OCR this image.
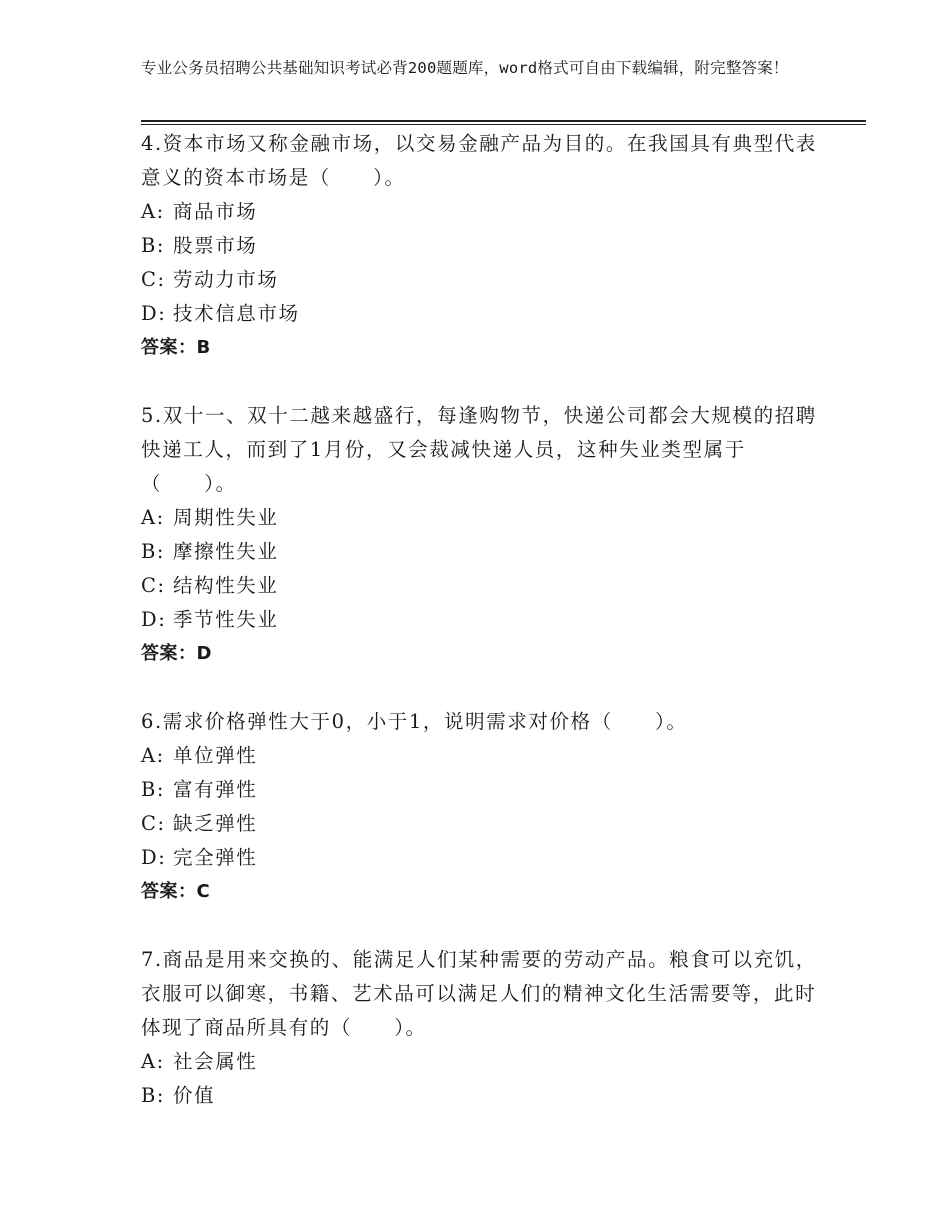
专业公务员招聘公共基础知识考试必背200题题库，word格式可自由下载编辑，附完整答案！

4.资本市场又称金融市场，以交易金融产品为目的。在我国具有典型代表意义的资本市场是（　　）。

A: 商品市场

B: 股票市场

C: 劳动力市场

D: 技术信息市场

答案：B

5.双十一、双十二越来越盛行，每逢购物节，快递公司都会大规模的招聘快递工人，而到了1月份，又会裁减快递人员，这种失业类型属于（　　）。

A: 周期性失业

B: 摩擦性失业

C: 结构性失业

D: 季节性失业

答案：D

6.需求价格弹性大于0，小于1，说明需求对价格（　　）。

A: 单位弹性

B: 富有弹性

C: 缺乏弹性

D: 完全弹性

答案：C

7.商品是用来交换的、能满足人们某种需要的劳动产品。粮食可以充饥，衣服可以御寒，书籍、艺术品可以满足人们的精神文化生活需要等，此时体现了商品所具有的（　　）。

A: 社会属性

B: 价值
